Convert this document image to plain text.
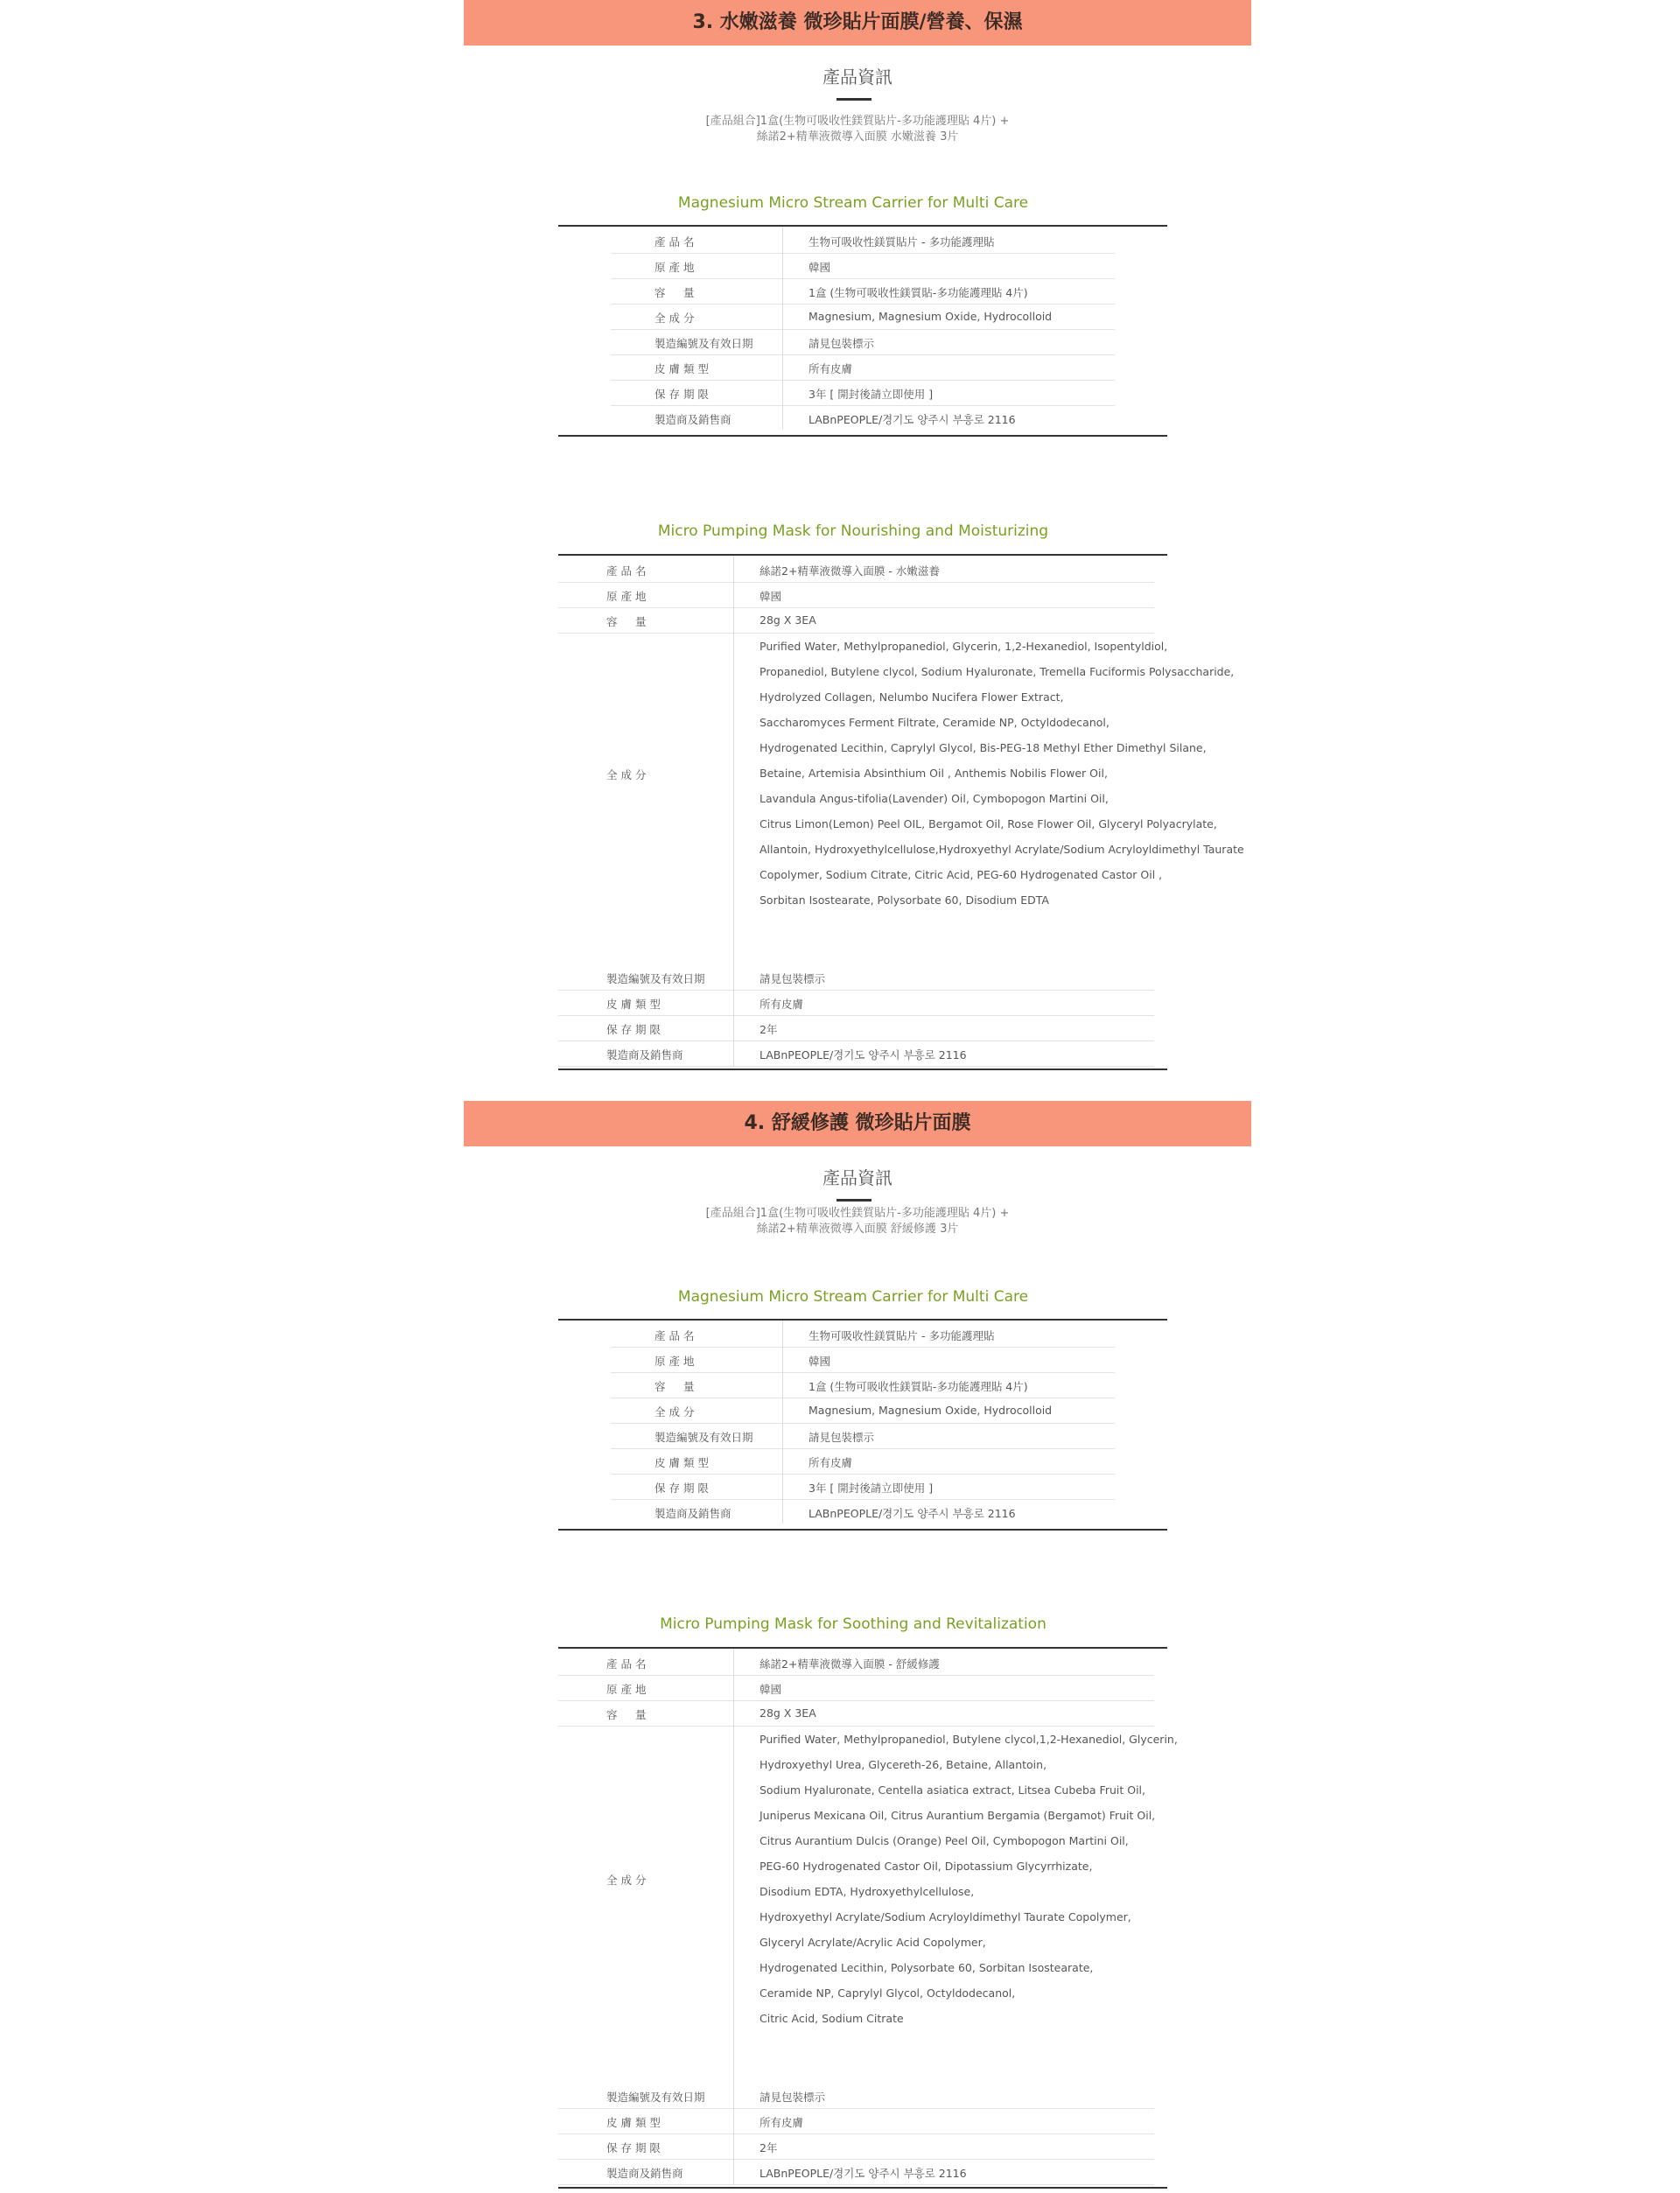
3. 水嫩滋養 微珍貼片面膜/營養、保濕
產品資訊
[產品組合]1盒(生物可吸收性鎂質貼片-多功能護理貼 4片) +
絲諾2+精華液微導入面膜 水嫩滋養 3片
Magnesium Micro Stream Carrier for Multi Care
產 品 名	生物可吸收性鎂質貼片 - 多功能護理貼
原 產 地	韓國
容 　 量	1盒 (生物可吸收性鎂質貼-多功能護理貼 4片)
全 成 分	Magnesium, Magnesium Oxide, Hydrocolloid
製造編號及有效日期	請見包裝標示
皮 膚 類 型	所有皮膚
保 存 期 限	3年 [ 開封後請立即使用 ]
製造商及銷售商	LABnPEOPLE/경기도 양주시 부흥로 2116
Micro Pumping Mask for Nourishing and Moisturizing
產 品 名	絲諾2+精華液微導入面膜 - 水嫩滋養
原 產 地	韓國
容 　 量	28g X 3EA
全 成 分
Purified Water, Methylpropanediol, Glycerin, 1,2-Hexanediol, Isopentyldiol,
Propanediol, Butylene clycol, Sodium Hyaluronate, Tremella Fuciformis Polysaccharide,
Hydrolyzed Collagen, Nelumbo Nucifera Flower Extract,
Saccharomyces Ferment Filtrate, Ceramide NP, Octyldodecanol,
Hydrogenated Lecithin, Caprylyl Glycol, Bis-PEG-18 Methyl Ether Dimethyl Silane,
Betaine, Artemisia Absinthium Oil , Anthemis Nobilis Flower Oil,
Lavandula Angus-tifolia(Lavender) Oil, Cymbopogon Martini Oil,
Citrus Limon(Lemon) Peel OIL, Bergamot Oil, Rose Flower Oil, Glyceryl Polyacrylate,
Allantoin, Hydroxyethylcellulose,Hydroxyethyl Acrylate/Sodium Acryloyldimethyl Taurate
Copolymer, Sodium Citrate, Citric Acid, PEG-60 Hydrogenated Castor Oil ,
Sorbitan Isostearate, Polysorbate 60, Disodium EDTA
製造編號及有效日期	請見包裝標示
皮 膚 類 型	所有皮膚
保 存 期 限	2年
製造商及銷售商	LABnPEOPLE/경기도 양주시 부흥로 2116
4. 舒緩修護 微珍貼片面膜
產品資訊
[產品組合]1盒(生物可吸收性鎂質貼片-多功能護理貼 4片) +
絲諾2+精華液微導入面膜 舒緩修護 3片
Magnesium Micro Stream Carrier for Multi Care
產 品 名	生物可吸收性鎂質貼片 - 多功能護理貼
原 產 地	韓國
容 　 量	1盒 (生物可吸收性鎂質貼-多功能護理貼 4片)
全 成 分	Magnesium, Magnesium Oxide, Hydrocolloid
製造編號及有效日期	請見包裝標示
皮 膚 類 型	所有皮膚
保 存 期 限	3年 [ 開封後請立即使用 ]
製造商及銷售商	LABnPEOPLE/경기도 양주시 부흥로 2116
Micro Pumping Mask for Soothing and Revitalization
產 品 名	絲諾2+精華液微導入面膜 - 舒緩修護
原 產 地	韓國
容 　 量	28g X 3EA
全 成 分
Purified Water, Methylpropanediol, Butylene clycol,1,2-Hexanediol, Glycerin,
Hydroxyethyl Urea, Glycereth-26, Betaine, Allantoin,
Sodium Hyaluronate, Centella asiatica extract, Litsea Cubeba Fruit Oil,
Juniperus Mexicana Oil, Citrus Aurantium Bergamia (Bergamot) Fruit Oil,
Citrus Aurantium Dulcis (Orange) Peel Oil, Cymbopogon Martini Oil,
PEG-60 Hydrogenated Castor Oil, Dipotassium Glycyrrhizate,
Disodium EDTA, Hydroxyethylcellulose,
Hydroxyethyl Acrylate/Sodium Acryloyldimethyl Taurate Copolymer,
Glyceryl Acrylate/Acrylic Acid Copolymer,
Hydrogenated Lecithin, Polysorbate 60, Sorbitan Isostearate,
Ceramide NP, Caprylyl Glycol, Octyldodecanol,
Citric Acid, Sodium Citrate
製造編號及有效日期	請見包裝標示
皮 膚 類 型	所有皮膚
保 存 期 限	2年
製造商及銷售商	LABnPEOPLE/경기도 양주시 부흥로 2116
